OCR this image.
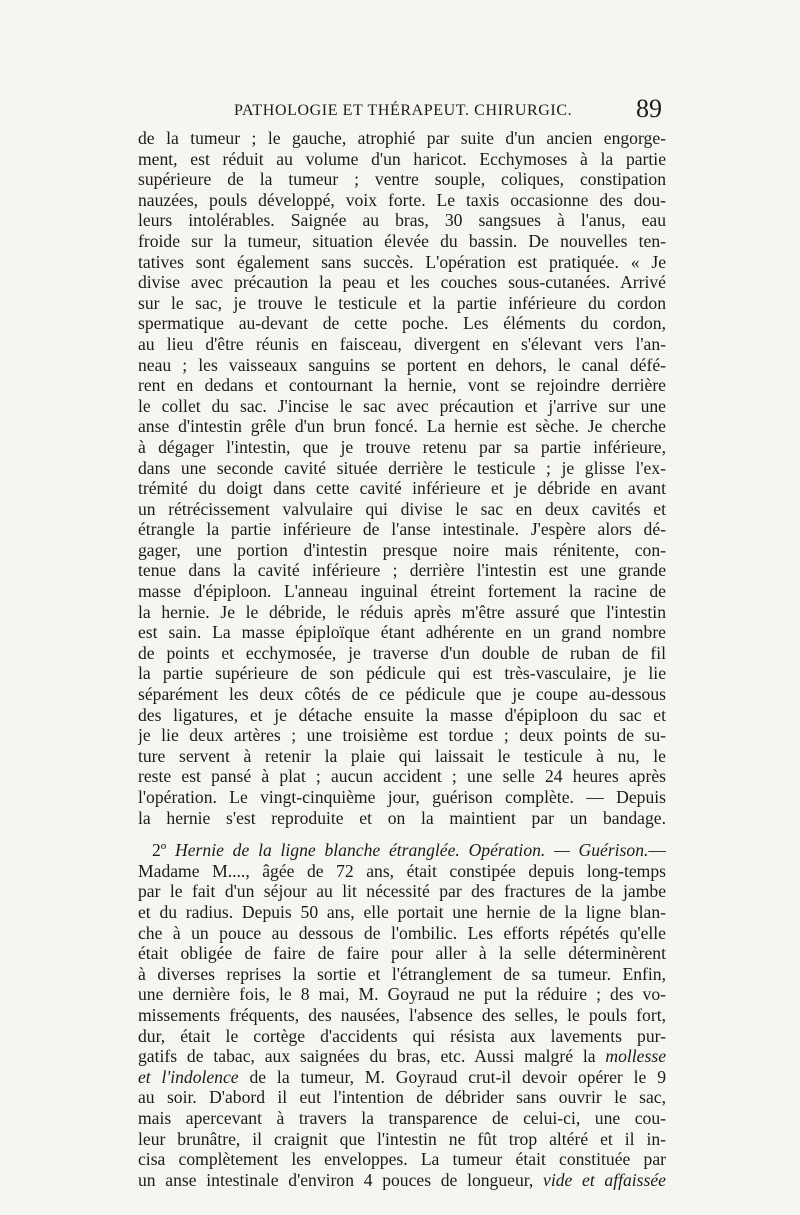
PATHOLOGIE ET THÉRAPEUT. CHIRURGIC. 89
de la tumeur ; le gauche, atrophié par suite d'un ancien engorge-
ment, est réduit au volume d'un haricot. Ecchymoses à la partie
supérieure de la tumeur ; ventre souple, coliques, constipation
nauzées, pouls développé, voix forte. Le taxis occasionne des dou-
leurs intolérables. Saignée au bras, 30 sangsues à l'anus, eau
froide sur la tumeur, situation élevée du bassin. De nouvelles ten-
tatives sont également sans succès. L'opération est pratiquée. « Je
divise avec précaution la peau et les couches sous-cutanées. Arrivé
sur le sac, je trouve le testicule et la partie inférieure du cordon
spermatique au-devant de cette poche. Les éléments du cordon,
au lieu d'être réunis en faisceau, divergent en s'élevant vers l'an-
neau ; les vaisseaux sanguins se portent en dehors, le canal défé-
rent en dedans et contournant la hernie, vont se rejoindre derrière
le collet du sac. J'incise le sac avec précaution et j'arrive sur une
anse d'intestin grêle d'un brun foncé. La hernie est sèche. Je cherche
à dégager l'intestin, que je trouve retenu par sa partie inférieure,
dans une seconde cavité située derrière le testicule ; je glisse l'ex-
trémité du doigt dans cette cavité inférieure et je débride en avant
un rétrécissement valvulaire qui divise le sac en deux cavités et
étrangle la partie inférieure de l'anse intestinale. J'espère alors dé-
gager, une portion d'intestin presque noire mais rénitente, con-
tenue dans la cavité inférieure ; derrière l'intestin est une grande
masse d'épiploon. L'anneau inguinal étreint fortement la racine de
la hernie. Je le débride, le réduis après m'être assuré que l'intestin
est sain. La masse épiploïque étant adhérente en un grand nombre
de points et ecchymosée, je traverse d'un double de ruban de fil
la partie supérieure de son pédicule qui est très-vasculaire, je lie
séparément les deux côtés de ce pédicule que je coupe au-dessous
des ligatures, et je détache ensuite la masse d'épiploon du sac et
je lie deux artères ; une troisième est tordue ; deux points de su-
ture servent à retenir la plaie qui laissait le testicule à nu, le
reste est pansé à plat ; aucun accident ; une selle 24 heures après
l'opération. Le vingt-cinquième jour, guérison complète. — Depuis
la hernie s'est reproduite et on la maintient par un bandage.
2º Hernie de la ligne blanche étranglée. Opération. — Guérison.—
Madame M...., âgée de 72 ans, était constipée depuis long-temps
par le fait d'un séjour au lit nécessité par des fractures de la jambe
et du radius. Depuis 50 ans, elle portait une hernie de la ligne blan-
che à un pouce au dessous de l'ombilic. Les efforts répétés qu'elle
était obligée de faire de faire pour aller à la selle déterminèrent
à diverses reprises la sortie et l'étranglement de sa tumeur. Enfin,
une dernière fois, le 8 mai, M. Goyraud ne put la réduire ; des vo-
missements fréquents, des nausées, l'absence des selles, le pouls fort,
dur, était le cortège d'accidents qui résista aux lavements pur-
gatifs de tabac, aux saignées du bras, etc. Aussi malgré la mollesse
et l'indolence de la tumeur, M. Goyraud crut-il devoir opérer le 9
au soir. D'abord il eut l'intention de débrider sans ouvrir le sac,
mais apercevant à travers la transparence de celui-ci, une cou-
leur brunâtre, il craignit que l'intestin ne fût trop altéré et il in-
cisa complètement les enveloppes. La tumeur était constituée par
un anse intestinale d'environ 4 pouces de longueur, vide et affaissée
